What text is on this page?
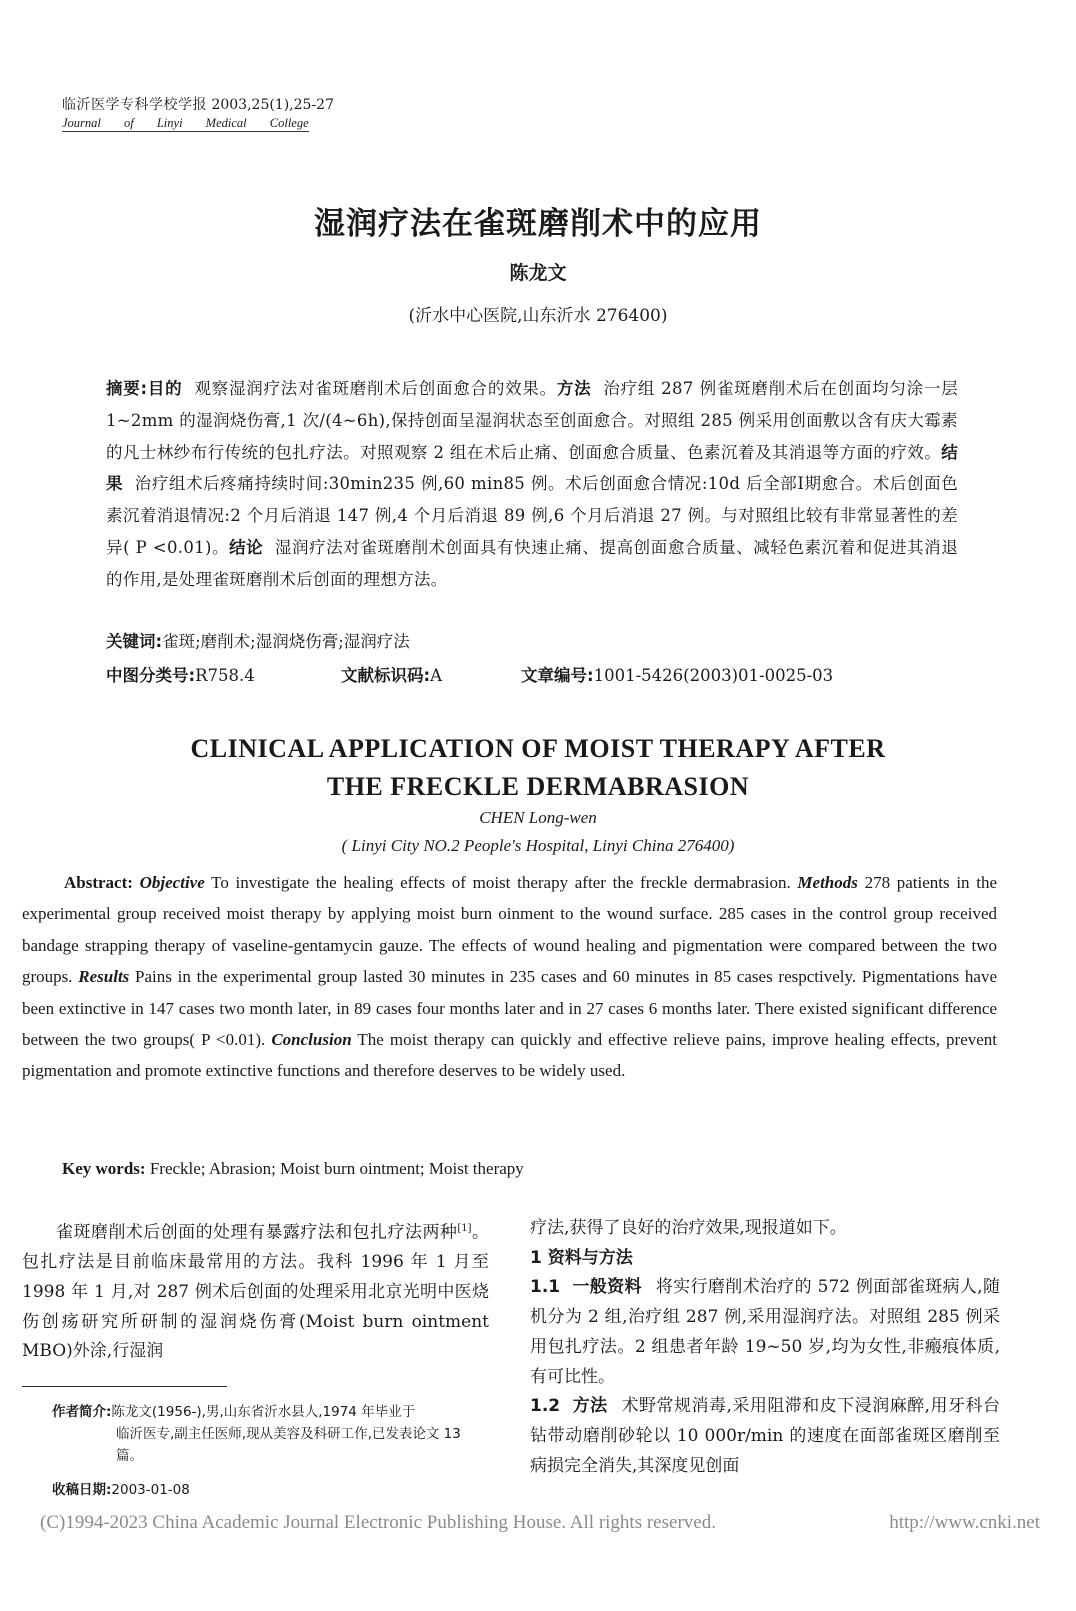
临沂医学专科学校学报 2003,25(1),25-27
Journal of Linyi Medical College
湿润疗法在雀斑磨削术中的应用
陈龙文
(沂水中心医院,山东沂水 276400)
摘要:目的 观察湿润疗法对雀斑磨削术后创面愈合的效果。方法 治疗组 287 例雀斑磨削术后在创面均匀涂一层 1~2mm 的湿润烧伤膏,1 次/(4~6h),保持创面呈湿润状态至创面愈合。对照组 285 例采用创面敷以含有庆大霉素的凡士林纱布行传统的包扎疗法。对照观察 2 组在术后止痛、创面愈合质量、色素沉着及其消退等方面的疗效。结果 治疗组术后疼痛持续时间:30min235 例,60 min85 例。术后创面愈合情况:10d 后全部Ⅰ期愈合。术后创面色素沉着消退情况:2 个月后消退 147 例,4 个月后消退 89 例,6 个月后消退 27 例。与对照组比较有非常显著性的差异( P <0.01)。结论 湿润疗法对雀斑磨削术创面具有快速止痛、提高创面愈合质量、减轻色素沉着和促进其消退的作用,是处理雀斑磨削术后创面的理想方法。
关键词:雀斑;磨削术;湿润烧伤膏;湿润疗法
中图分类号:R758.4	文献标识码:A	文章编号:1001-5426(2003)01-0025-03
CLINICAL APPLICATION OF MOIST THERAPY AFTER
THE FRECKLE DERMABRASION
CHEN Long-wen
( Linyi City NO.2 People's Hospital, Linyi China 276400)
Abstract: Objective To investigate the healing effects of moist therapy after the freckle dermabrasion. Methods 278 patients in the experimental group received moist therapy by applying moist burn oinment to the wound surface. 285 cases in the control group received bandage strapping therapy of vaseline-gentamycin gauze. The effects of wound healing and pigmentation were compared between the two groups. Results Pains in the experimental group lasted 30 minutes in 235 cases and 60 minutes in 85 cases respctively. Pigmentations have been extinctive in 147 cases two month later, in 89 cases four months later and in 27 cases 6 months later. There existed significant difference between the two groups( P <0.01). Conclusion The moist therapy can quickly and effective relieve pains, improve healing effects, prevent pigmentation and promote extinctive functions and therefore deserves to be widely used.
Key words: Freckle; Abrasion; Moist burn ointment; Moist therapy

雀斑磨削术后创面的处理有暴露疗法和包扎疗法两种[1]。包扎疗法是目前临床最常用的方法。我科 1996 年 1 月至 1998 年 1 月,对 287 例术后创面的处理采用北京光明中医烧伤创疡研究所研制的湿润烧伤膏(Moist burn ointment MBO)外涂,行湿润

疗法,获得了良好的治疗效果,现报道如下。

1 资料与方法

1.1 一般资料 将实行磨削术治疗的 572 例面部雀斑病人,随机分为 2 组,治疗组 287 例,采用湿润疗法。对照组 285 例采用包扎疗法。2 组患者年龄 19~50 岁,均为女性,非瘢痕体质,有可比性。

1.2 方法 术野常规消毒,采用阻滞和皮下浸润麻醉,用牙科台钻带动磨削砂轮以 10 000r/min 的速度在面部雀斑区磨削至病损完全消失,其深度见创面

作者简介:陈龙文(1956-),男,山东省沂水县人,1974 年毕业于
临沂医专,副主任医师,现从美容及科研工作,已发表论文 13 篇。
收稿日期:2003-01-08
(C)1994-2023 China Academic Journal Electronic Publishing House. All rights reserved.	http://www.cnki.net
